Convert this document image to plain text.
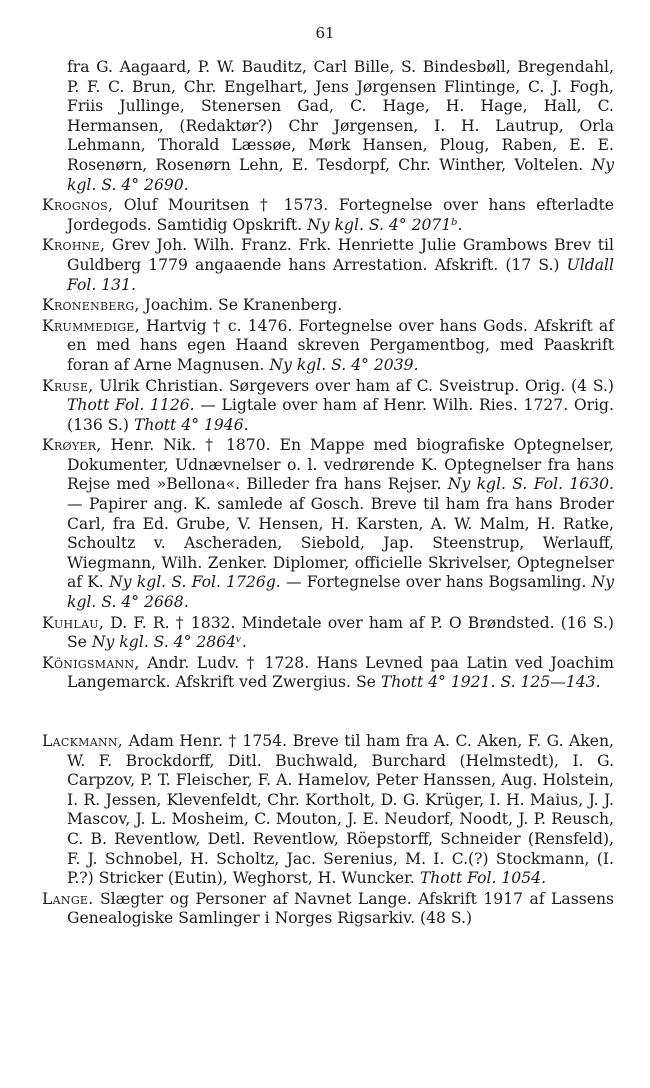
61

fra G. Aagaard, P. W. Bauditz, Carl Bille, S. Bindesbøll, Bregendahl, P. F. C. Brun, Chr. Engelhart, Jens Jørgensen Flintinge, C. J. Fogh, Friis Jullinge, Stenersen Gad, C. Hage, H. Hage, Hall, C. Hermansen, (Redaktør?) Chr Jørgensen, I. H. Lautrup, Orla Lehmann, Thorald Læssøe, Mørk Hansen, Ploug, Raben, E. E. Rosenørn, Rosenørn Lehn, E. Tesdorpf, Chr. Winther, Voltelen. Ny kgl. S. 4° 2690.

Krognos, Oluf Mouritsen † 1573. Fortegnelse over hans efterladte Jordegods. Samtidig Opskrift. Ny kgl. S. 4° 2071ᵇ.

Krohne, Grev Joh. Wilh. Franz. Frk. Henriette Julie Grambows Brev til Guldberg 1779 angaaende hans Arrestation. Afskrift. (17 S.) Uldall Fol. 131.

Kronenberg, Joachim. Se Kranenberg.

Krummedige, Hartvig † c. 1476. Fortegnelse over hans Gods. Afskrift af en med hans egen Haand skreven Pergamentbog, med Paaskrift foran af Arne Magnusen. Ny kgl. S. 4° 2039.

Kruse, Ulrik Christian. Sørgevers over ham af C. Sveistrup. Orig. (4 S.) Thott Fol. 1126. — Ligtale over ham af Henr. Wilh. Ries. 1727. Orig. (136 S.) Thott 4° 1946.

Krøyer, Henr. Nik. † 1870. En Mappe med biografiske Optegnelser, Dokumenter, Udnævnelser o. l. vedrørende K. Optegnelser fra hans Rejse med »Bellona«. Billeder fra hans Rejser. Ny kgl. S. Fol. 1630. — Papirer ang. K. samlede af Gosch. Breve til ham fra hans Broder Carl, fra Ed. Grube, V. Hensen, H. Karsten, A. W. Malm, H. Ratke, Schoultz v. Ascheraden, Siebold, Jap. Steenstrup, Werlauff, Wiegmann, Wilh. Zenker. Diplomer, officielle Skrivelser, Optegnelser af K. Ny kgl. S. Fol. 1726g. — Fortegnelse over hans Bogsamling. Ny kgl. S. 4° 2668.

Kuhlau, D. F. R. † 1832. Mindetale over ham af P. O Brøndsted. (16 S.) Se Ny kgl. S. 4° 2864ᵛ.

Königsmann, Andr. Ludv. † 1728. Hans Levned paa Latin ved Joachim Langemarck. Afskrift ved Zwergius. Se Thott 4° 1921. S. 125—143.

Lackmann, Adam Henr. † 1754. Breve til ham fra A. C. Aken, F. G. Aken, W. F. Brockdorff, Ditl. Buchwald, Burchard (Helmstedt), I. G. Carpzov, P. T. Fleischer, F. A. Hamelov, Peter Hanssen, Aug. Holstein, I. R. Jessen, Klevenfeldt, Chr. Kortholt, D. G. Krüger, I. H. Maius, J. J. Mascov, J. L. Mosheim, C. Mouton, J. E. Neudorf, Noodt, J. P. Reusch, C. B. Reventlow, Detl. Reventlow, Röepstorff, Schneider (Rensfeld), F. J. Schnobel, H. Scholtz, Jac. Serenius, M. I. C.(?) Stockmann, (I. P.?) Stricker (Eutin), Weghorst, H. Wuncker. Thott Fol. 1054.

Lange. Slægter og Personer af Navnet Lange. Afskrift 1917 af Lassens Genealogiske Samlinger i Norges Rigsarkiv. (48 S.)
